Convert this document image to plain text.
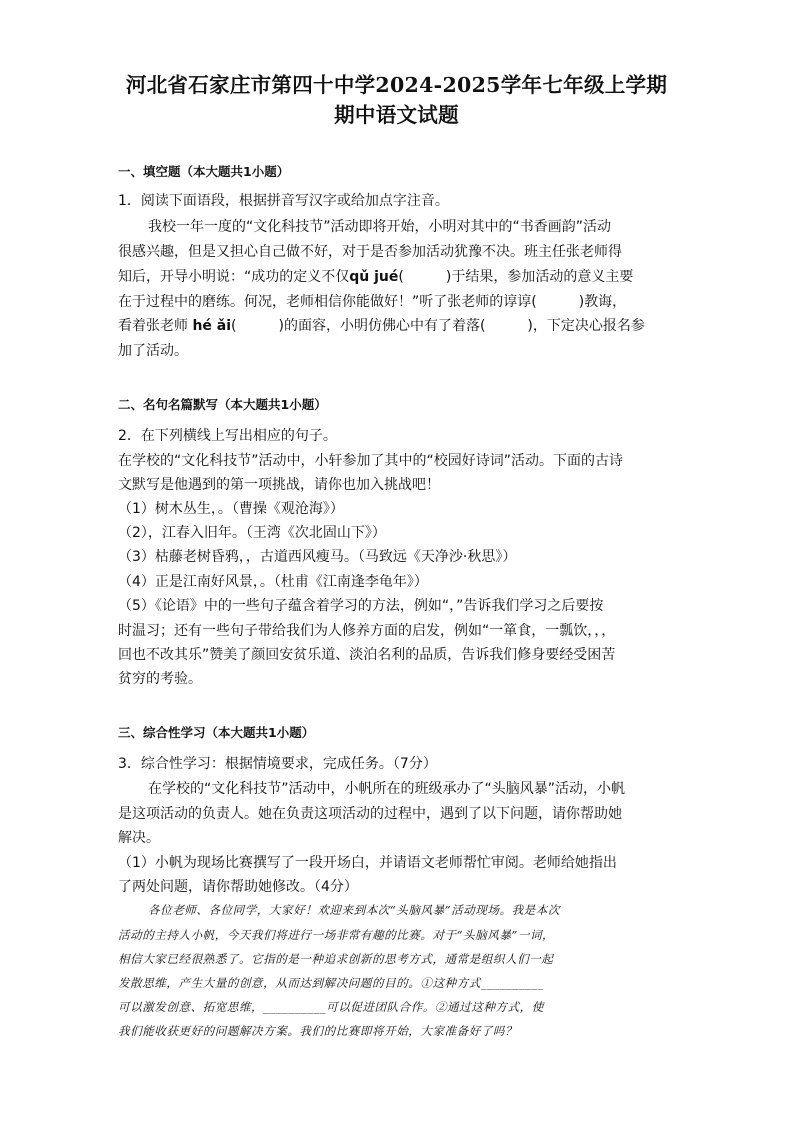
河北省石家庄市第四十中学2024-2025学年七年级上学期
期中语文试题
一、填空题（本大题共1小题）
1．阅读下面语段，根据拼音写汉字或给加点字注音。
我校一年一度的“文化科技节”活动即将开始，小明对其中的“书香画韵”活动
很感兴趣，但是又担心自己做不好，对于是否参加活动犹豫不决。班主任张老师得
知后，开导小明说：“成功的定义不仅qǔ jué(　　　)于结果，参加活动的意义主要
在于过程中的磨练。何况，老师相信你能做好！”听了张老师的谆谆(　　　)教诲，
看着张老师 hé ǎi(　　　)的面容，小明仿佛心中有了着落(　　　)，下定决心报名参
加了活动。
二、名句名篇默写（本大题共1小题）
2．在下列横线上写出相应的句子。
在学校的“文化科技节”活动中，小轩参加了其中的“校园好诗词”活动。下面的古诗
文默写是他遇到的第一项挑战，请你也加入挑战吧！
（1）树木丛生，。（曹操《观沧海》）
（2），江春入旧年。（王湾《次北固山下》）
（3）枯藤老树昏鸦，，古道西风瘦马。（马致远《天净沙·秋思》）
（4）正是江南好风景，。（杜甫《江南逢李龟年》）
（5）《论语》中的一些句子蕴含着学习的方法，例如“，”告诉我们学习之后要按
时温习；还有一些句子带给我们为人修养方面的启发，例如“一箪食，一瓢饮，，，
回也不改其乐”赞美了颜回安贫乐道、淡泊名利的品质，告诉我们修身要经受困苦
贫穷的考验。
三、综合性学习（本大题共1小题）
3．综合性学习：根据情境要求，完成任务。（7分）
在学校的“文化科技节”活动中，小帆所在的班级承办了“头脑风暴”活动，小帆
是这项活动的负责人。她在负责这项活动的过程中，遇到了以下问题，请你帮助她
解决。
（1）小帆为现场比赛撰写了一段开场白，并请语文老师帮忙审阅。老师给她指出
了两处问题，请你帮助她修改。（4分）
各位老师、各位同学，大家好！欢迎来到本次“头脑风暴”活动现场。我是本次
活动的主持人小帆，今天我们将进行一场非常有趣的比赛。对于“头脑风暴”一词，
相信大家已经很熟悉了。它指的是一种追求创新的思考方式，通常是组织人们一起
发散思维，产生大量的创意，从而达到解决问题的目的。①这种方式__________
可以激发创意、拓宽思维，__________可以促进团队合作。②通过这种方式，使
我们能收获更好的问题解决方案。我们的比赛即将开始，大家准备好了吗？
